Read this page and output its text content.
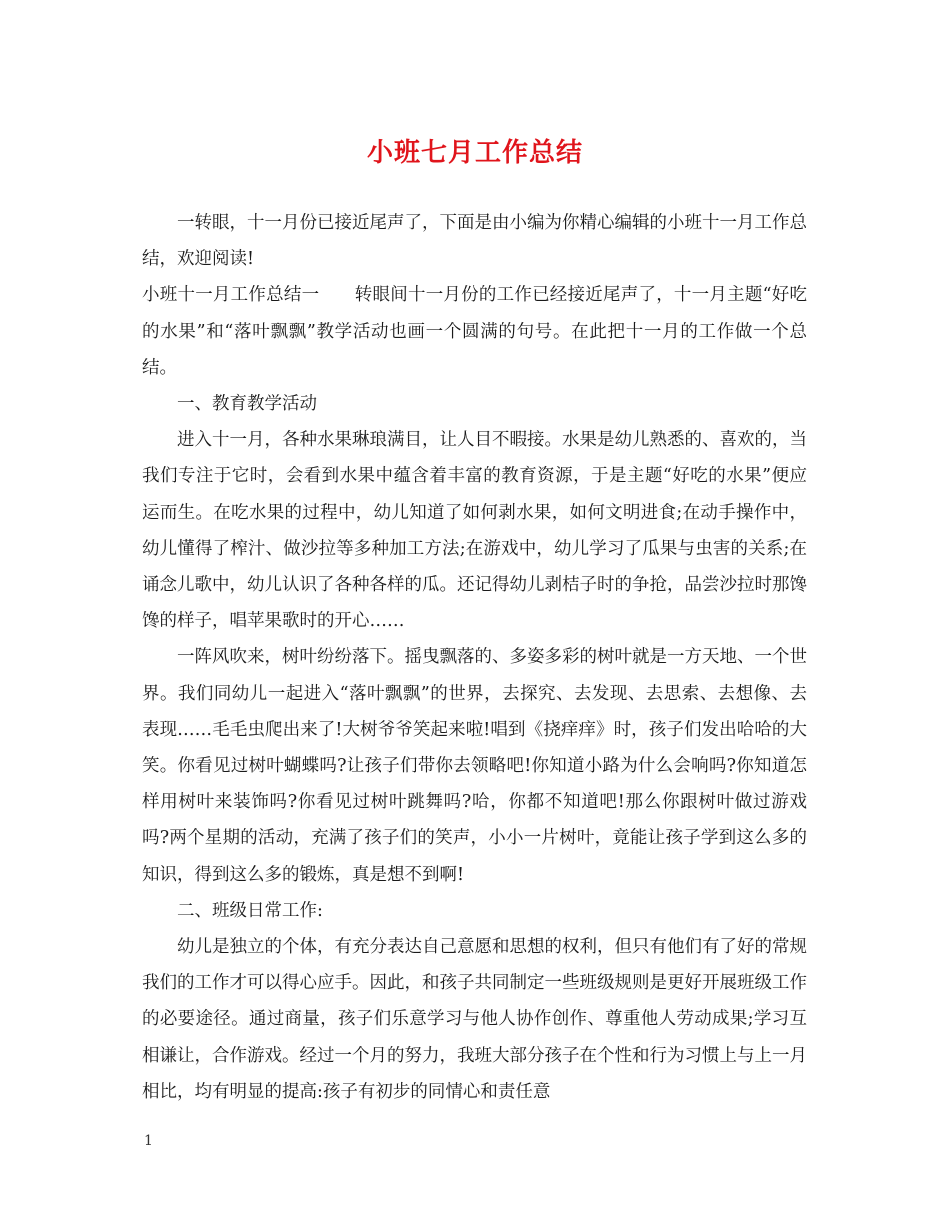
小班七月工作总结

一转眼，十一月份已接近尾声了，下面是由小编为你精心编辑的小班十一月工作总结，欢迎阅读!

小班十一月工作总结一　　转眼间十一月份的工作已经接近尾声了，十一月主题“好吃的水果”和“落叶飘飘”教学活动也画一个圆满的句号。在此把十一月的工作做一个总结。

一、教育教学活动

进入十一月，各种水果琳琅满目，让人目不暇接。水果是幼儿熟悉的、喜欢的，当我们专注于它时，会看到水果中蕴含着丰富的教育资源，于是主题“好吃的水果”便应运而生。在吃水果的过程中，幼儿知道了如何剥水果，如何文明进食;在动手操作中，幼儿懂得了榨汁、做沙拉等多种加工方法;在游戏中，幼儿学习了瓜果与虫害的关系;在诵念儿歌中，幼儿认识了各种各样的瓜。还记得幼儿剥桔子时的争抢，品尝沙拉时那馋馋的样子，唱苹果歌时的开心……

一阵风吹来，树叶纷纷落下。摇曳飘落的、多姿多彩的树叶就是一方天地、一个世界。我们同幼儿一起进入“落叶飘飘”的世界，去探究、去发现、去思索、去想像、去表现……毛毛虫爬出来了!大树爷爷笑起来啦!唱到《挠痒痒》时，孩子们发出哈哈的大笑。你看见过树叶蝴蝶吗?让孩子们带你去领略吧!你知道小路为什么会响吗?你知道怎样用树叶来装饰吗?你看见过树叶跳舞吗?哈，你都不知道吧!那么你跟树叶做过游戏吗?两个星期的活动，充满了孩子们的笑声，小小一片树叶，竟能让孩子学到这么多的知识，得到这么多的锻炼，真是想不到啊!

二、班级日常工作:

幼儿是独立的个体，有充分表达自己意愿和思想的权利，但只有他们有了好的常规我们的工作才可以得心应手。因此，和孩子共同制定一些班级规则是更好开展班级工作的必要途径。通过商量，孩子们乐意学习与他人协作创作、尊重他人劳动成果;学习互相谦让，合作游戏。经过一个月的努力，我班大部分孩子在个性和行为习惯上与上一月相比，均有明显的提高:孩子有初步的同情心和责任意

1
